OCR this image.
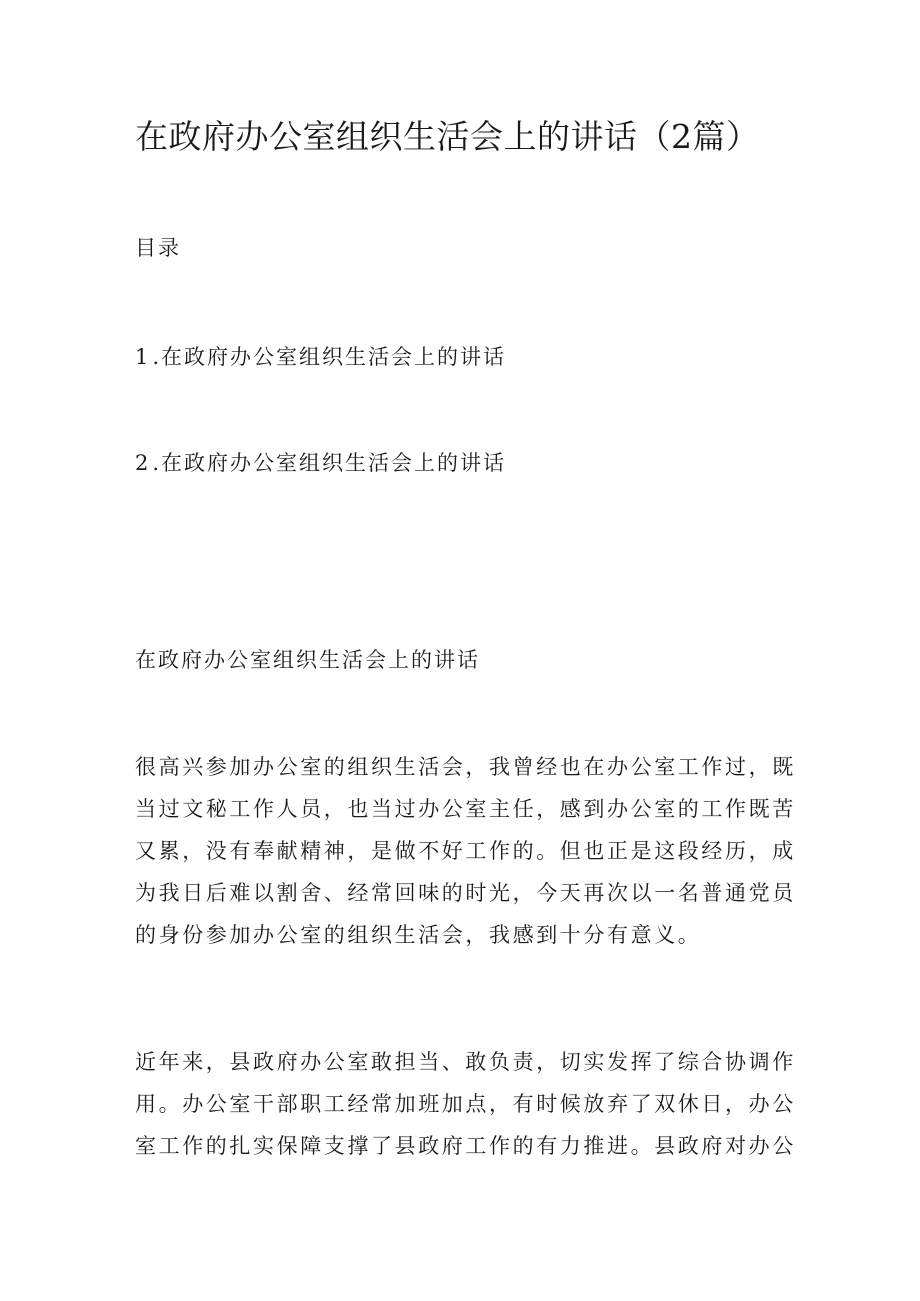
在政府办公室组织生活会上的讲话（2篇）
目录
1.在政府办公室组织生活会上的讲话
2.在政府办公室组织生活会上的讲话
在政府办公室组织生活会上的讲话
很高兴参加办公室的组织生活会，我曾经也在办公室工作过，既
当过文秘工作人员，也当过办公室主任，感到办公室的工作既苦
又累，没有奉献精神，是做不好工作的。但也正是这段经历，成
为我日后难以割舍、经常回味的时光，今天再次以一名普通党员
的身份参加办公室的组织生活会，我感到十分有意义。
近年来，县政府办公室敢担当、敢负责，切实发挥了综合协调作
用。办公室干部职工经常加班加点，有时候放弃了双休日，办公
室工作的扎实保障支撑了县政府工作的有力推进。县政府对办公
